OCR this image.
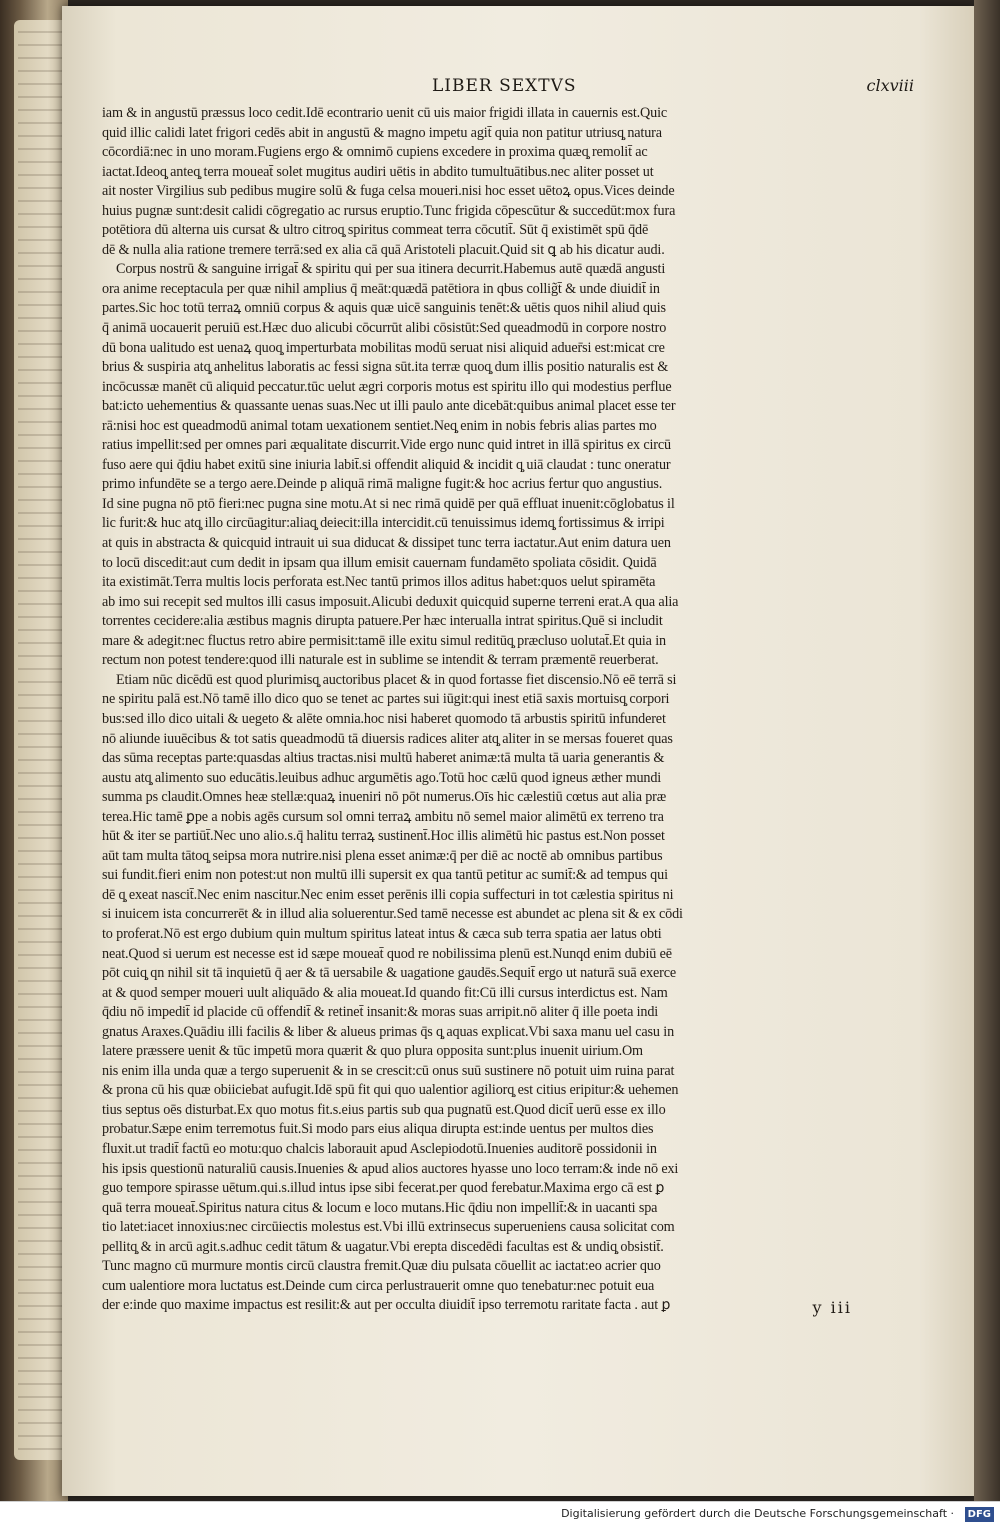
LIBER SEXTVS	clxviii
iam & in angustū præssus loco cedit.Idē econtrario uenit cū uis maior frigidi illata in cauernis est.Quic
quid illic calidi latet frigori cedēs abit in angustū & magno impetu agit̄ quia non patitur utriusq̧ natura
cōcordiā:nec in uno moram.Fugiens ergo & omnimō cupiens excedere in proxima quæq̧ remolit̄ ac
iactat.Ideoq̧ anteq̧ terra moueat̄ solet mugitus audiri uētis in abdito tumultuātibus.nec aliter posset ut
ait noster Virgilius sub pedibus mugire solū & fuga celsa moueri.nisi hoc esset uētoꝝ opus.Vices deinde
huius pugnæ sunt:desit calidi cōgregatio ac rursus eruptio.Tunc frigida cōpescūtur & succedūt:mox fura
potētiora dū alterna uis cursat & ultro citroq̧ spiritus commeat terra cōcutit̄. Sūt q̄ existimēt spū q̄dē
dē & nulla alia ratione tremere terrā:sed ex alia cā quā Aristoteli placuit.Quid sit ꝗ ab his dicatur audi.
Corpus nostrū & sanguine irrigat̄ & spiritu qui per sua itinera decurrit.Habemus autē quædā angusti
ora anime receptacula per quæ nihil amplius q̄ meāt:quædā patētiora in qbus collig̃t̄ & unde diuidit̄ in
partes.Sic hoc totū terraꝝ omniū corpus & aquis quæ uicē sanguinis tenēt:& uētis quos nihil aliud quis
q̄ animā uocauerit peruiū est.Hæc duo alicubi cōcurrūt alibi cōsistūt:Sed queadmodū in corpore nostro
dū bona ualitudo est uenaꝝ quoq̧ imperturbata mobilitas modū seruat nisi aliquid aduer̄si est:micat cre
brius & suspiria atq̧ anhelitus laboratis ac fessi signa sūt.ita terræ quoq̧ dum illis positio naturalis est &
incōcussæ manēt cū aliquid peccatur.tūc uelut ægri corporis motus est spiritu illo qui modestius perflue
bat:icto uehementius & quassante uenas suas.Nec ut illi paulo ante dicebāt:quibus animal placet esse ter
rā:nisi hoc est queadmodū animal totam uexationem sentiet.Neq̧ enim in nobis febris alias partes mo
ratius impellit:sed per omnes pari æqualitate discurrit.Vide ergo nunc quid intret in illā spiritus ex circū
fuso aere qui q̄diu habet exitū sine iniuria labit̄.si offendit aliquid & incidit q̧ uiā claudat : tunc oneratur
primo infundēte se a tergo aere.Deinde p aliquā rimā maligne fugit:& hoc acrius fertur quo angustius.
Id sine pugna nō ptō fieri:nec pugna sine motu.At si nec rimā quidē per quā effluat inuenit:cōglobatus il
lic furit:& huc atq̧ illo circūagitur:aliaq̧ deiecit:illa intercidit.cū tenuissimus idemq̧ fortissimus & irripi
at quis in abstracta & quicquid intrauit ui sua diducat & dissipet tunc terra iactatur.Aut enim datura uen
to locū discedit:aut cum dedit in ipsam qua illum emisit cauernam fundamēto spoliata cōsidit. Quidā
ita existimāt.Terra multis locis perforata est.Nec tantū primos illos aditus habet:quos uelut spiramēta
ab imo sui recepit sed multos illi casus imposuit.Alicubi deduxit quicquid superne terreni erat.A qua alia
torrentes cecidere:alia æstibus magnis dirupta patuere.Per hæc interualla intrat spiritus.Quē si includit
mare & adegit:nec fluctus retro abire permisit:tamē ille exitu simul reditūq̧ præcluso uolutat̄.Et quia in
rectum non potest tendere:quod illi naturale est in sublime se intendit & terram præmentē reuerberat.
Etiam nūc dicēdū est quod plurimisq̧ auctoribus placet & in quod fortasse fiet discensio.Nō eē terrā si
ne spiritu palā est.Nō tamē illo dico quo se tenet ac partes sui iūgit:qui inest etiā saxis mortuisq̧ corpori
bus:sed illo dico uitali & uegeto & alēte omnia.hoc nisi haberet quomodo tā arbustis spiritū infunderet
nō aliunde iuuēcibus & tot satis queadmodū tā diuersis radices aliter atq̧ aliter in se mersas foueret quas
das sūma receptas parte:quasdas altius tractas.nisi multū haberet animæ:tā multa tā uaria generantis &
austu atq̧ alimento suo educātis.leuibus adhuc argumētis ago.Totū hoc cælū quod igneus æther mundi
summa ps claudit.Omnes heæ stellæ:quaꝝ inueniri nō pōt numerus.Oīs hic cælestiū cœtus aut alia præ
terea.Hic tamē ꝑpe a nobis agēs cursum sol omni terraꝝ ambitu nō semel maior alimētū ex terreno tra
hūt & iter se partiūt̄.Nec uno alio.s.q̄ halitu terraꝝ sustinent̄.Hoc illis alimētū hic pastus est.Non posset
aūt tam multa tātoq̧ seipsa mora nutrire.nisi plena esset animæ:q̄ per diē ac noctē ab omnibus partibus
sui fundit.fieri enim non potest:ut non multū illi supersit ex qua tantū petitur ac sumit̄:& ad tempus qui
dē q̧ exeat nascit̄.Nec enim nascitur.Nec enim esset perēnis illi copia suffecturi in tot cælestia spiritus ni
si inuicem ista concurrerēt & in illud alia soluerentur.Sed tamē necesse est abundet ac plena sit & ex cōdi
to proferat.Nō est ergo dubium quin multum spiritus lateat intus & cæca sub terra spatia aer latus obti
neat.Quod si uerum est necesse est id sæpe moueat̄ quod re nobilissima plenū est.Nunqd enim dubiū eē
pōt cuiq̧ qn nihil sit tā inquietū q̄ aer & tā uersabile & uagatione gaudēs.Sequit̄ ergo ut naturā suā exerce
at & quod semper moueri uult aliquādo & alia moueat.Id quando fit:Cū illi cursus interdictus est. Nam
q̄diu nō impedit̄ id placide cū offendit̄ & retinet̄ insanit:& moras suas arripit.nō aliter q̄ ille poeta indi
gnatus Araxes.Quādiu illi facilis & liber & alueus primas q̄s q̧ aquas explicat.Vbi saxa manu uel casu in
latere præssere uenit & tūc impetū mora quærit & quo plura opposita sunt:plus inuenit uirium.Om
nis enim illa unda quæ a tergo superuenit & in se crescit:cū onus suū sustinere nō potuit uim ruina parat
& prona cū his quæ obiiciebat aufugit.Idē spū fit qui quo ualentior agiliorq̧ est citius eripitur:& uehemen
tius septus oēs disturbat.Ex quo motus fit.s.eius partis sub qua pugnatū est.Quod dicit̄ uerū esse ex illo
probatur.Sæpe enim terremotus fuit.Si modo pars eius aliqua dirupta est:inde uentus per multos dies
fluxit.ut tradit̄ factū eo motu:quo chalcis laborauit apud Asclepiodotū.Inuenies auditorē possidonii in
his ipsis questionū naturaliū causis.Inuenies & apud alios auctores hyasse uno loco terram:& inde nō exi
guo tempore spirasse uētum.qui.s.illud intus ipse sibi fecerat.per quod ferebatur.Maxima ergo cā est ꝑ
quā terra moueat̄.Spiritus natura citus & locum e loco mutans.Hic q̄diu non impellit̄:& in uacanti spa
tio latet:iacet innoxius:nec circūiectis molestus est.Vbi illū extrinsecus superueniens causa solicitat com
pellitq̧ & in arcū agit.s.adhuc cedit tātum & uagatur.Vbi erepta discedēdi facultas est & undiq̧ obsistit̄.
Tunc magno cū murmure montis circū claustra fremit.Quæ diu pulsata cōuellit ac iactat:eo acrier quo
cum ualentiore mora luctatus est.Deinde cum circa perlustrauerit omne quo tenebatur:nec potuit eua
der e:inde quo maxime impactus est resilit:& aut per occulta diuidit̄ ipso terremotu raritate facta . aut ꝑ	y iii
Digitalisierung gefördert durch die Deutsche Forschungsgemeinschaft ·	DFG
